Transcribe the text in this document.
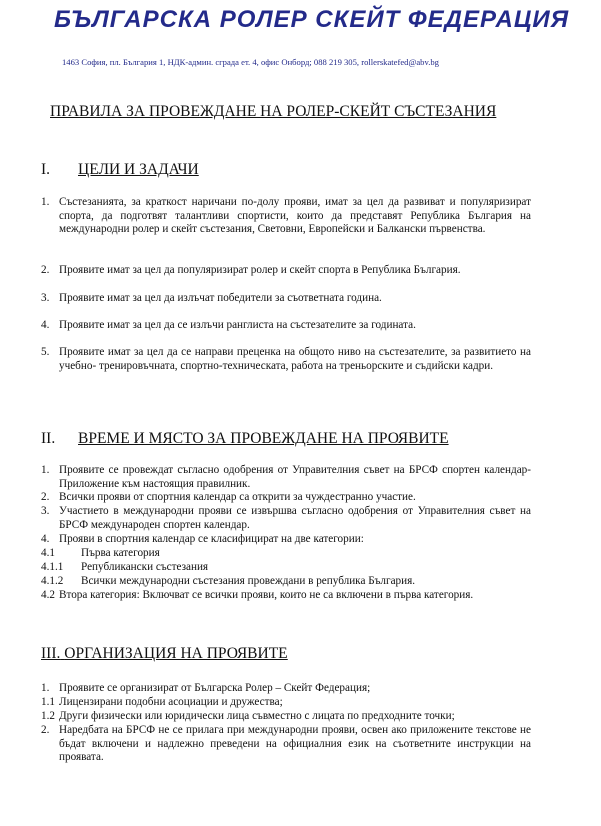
БЪЛГАРСКА РОЛЕР СКЕЙТ ФЕДЕРАЦИЯ
1463 София, пл. България 1, НДК-админ. сграда ет. 4, офис Онборд; 088 219 305, rollerskatefed@abv.bg
ПРАВИЛА ЗА ПРОВЕЖДАНЕ НА РОЛЕР-СКЕЙТ СЪСТЕЗАНИЯ
I. ЦЕЛИ И ЗАДАЧИ
1. Състезанията, за краткост наричани по-долу прояви, имат за цел да развиват и популяризират спорта, да подготвят талантливи спортисти, които да представят Република България на международни ролер и скейт състезания, Световни, Европейски и Балкански първенства.
2. Проявите имат за цел да популяризират ролер и скейт спорта в Република България.
3. Проявите имат за цел да излъчат победители за съответната година.
4. Проявите имат за цел да се излъчи ранглиста на състезателите за годината.
5. Проявите имат за цел да се направи преценка на общото ниво на състезателите, за развитието на учебно- тренировъчната, спортно-техническата, работа на треньорските и съдийски кадри.
II. ВРЕМЕ И МЯСТО ЗА ПРОВЕЖДАНЕ НА ПРОЯВИТЕ
1. Проявите се провеждат съгласно одобрения от Управителния съвет на БРСФ спортен календар-Приложение към настоящия правилник.
2. Всички прояви от спортния календар са открити за чуждестранно участие.
3. Участието в международни прояви се извършва съгласно одобрения от Управителния съвет на БРСФ международен спортен календар.
4. Прояви в спортния календар се класифицират на две категории:
4.1 Първа категория
4.1.1 Републикански състезания
4.1.2 Всички международни състезания провеждани в република България.
4.2 Втора категория: Включват се всички прояви, които не са включени в първа категория.
III. ОРГАНИЗАЦИЯ НА ПРОЯВИТЕ
1. Проявите се организират от Българска Ролер – Скейт Федерация;
1.1 Лицензирани подобни асоциации и дружества;
1.2 Други физически или юридически лица съвместно с лицата по предходните точки;
2. Наредбата на БРСФ не се прилага при международни прояви, освен ако приложените текстове не бъдат включени и надлежно преведени на официалния език на съответните инструкции на проявата.
